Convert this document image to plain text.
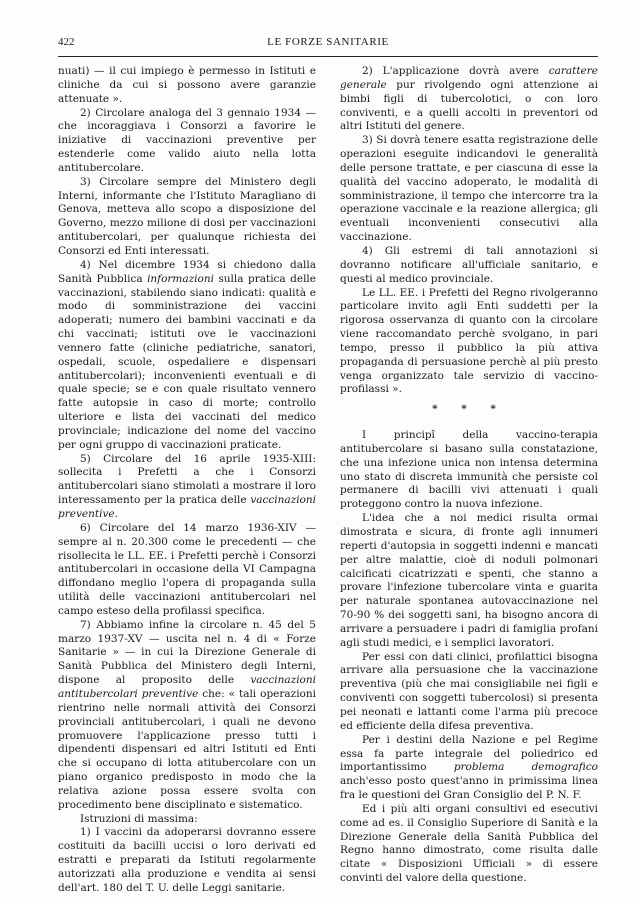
422	LE FORZE SANITARIE

nuati) — il cui impiego è permesso in Istituti e cliniche da cui si possono avere garanzie attenuate ».

2) Circolare analoga del 3 gennaio 1934 — che incoraggiava i Consorzi a favorire le iniziative di vaccinazioni preventive per estenderle come valido aiuto nella lotta antitubercolare.

3) Circolare sempre del Ministero degli Interni, informante che l'Istituto Maragliano di Genova, metteva allo scopo a disposizione del Governo, mezzo milione di dosi per vaccinazioni antitubercolari, per qualunque richiesta dei Consorzi ed Enti interessati.

4) Nel dicembre 1934 si chiedono dalla Sanità Pubblica informazioni sulla pratica delle vaccinazioni, stabilendo siano indicati: qualità e modo di somministrazione dei vaccini adoperati; numero dei bambini vaccinati e da chi vaccinati; istituti ove le vaccinazioni vennero fatte (cliniche pediatriche, sanatori, ospedali, scuole, ospedaliere e dispensari antitubercolari); inconvenienti eventuali e di quale specie; se e con quale risultato vennero fatte autopsie in caso di morte; controllo ulteriore e lista dei vaccinati del medico provinciale; indicazione del nome del vaccino per ogni gruppo di vaccinazioni praticate.

5) Circolare del 16 aprile 1935-XIII: sollecita i Prefetti a che i Consorzi antitubercolari siano stimolati a mostrare il loro interessamento per la pratica delle vaccinazioni preventive.

6) Circolare del 14 marzo 1936-XIV — sempre al n. 20.300 come le precedenti — che risollecita le LL. EE. i Prefetti perchè i Consorzi antitubercolari in occasione della VI Campagna diffondano meglio l'opera di propaganda sulla utilità delle vaccinazioni antitubercolari nel campo esteso della profilassi specifica.

7) Abbiamo infine la circolare n. 45 del 5 marzo 1937-XV — uscita nel n. 4 di « Forze Sanitarie » — in cui la Direzione Generale di Sanità Pubblica del Ministero degli Interni, dispone al proposito delle vaccinazioni antitubercolari preventive che: « tali operazioni rientrino nelle normali attività dei Consorzi provinciali antitubercolari, i quali ne devono promuovere l'applicazione presso tutti i dipendenti dispensari ed altri Istituti ed Enti che si occupano di lotta atitubercolare con un piano organico predisposto in modo che la relativa azione possa essere svolta con procedimento bene disciplinato e sistematico.

Istruzioni di massima:

1) I vaccini da adoperarsi dovranno essere costituiti da bacilli uccisi o loro derivati ed estratti e preparati da Istituti regolarmente autorizzati alla produzione e vendita ai sensi dell'art. 180 del T. U. delle Leggi sanitarie.

2) L'applicazione dovrà avere carattere generale pur rivolgendo ogni attenzione ai bimbi figli di tubercolotici, o con loro conviventi, e a quelli accolti in preventori od altri Istituti del genere.

3) Si dovrà tenere esatta registrazione delle operazioni eseguite indicandovi le generalità delle persone trattate, e per ciascuna di esse la qualità del vaccino adoperato, le modalità di somministrazione, il tempo che intercorre tra la operazione vaccinale e la reazione allergica; gli eventuali inconvenienti consecutivi alla vaccinazione.

4) Gli estremi di tali annotazioni si dovranno notificare all'ufficiale sanitario, e questi al medico provinciale.

Le LL. EE. i Prefetti del Regno rivolgeranno particolare invito agli Enti suddetti per la rigorosa osservanza di quanto con la circolare viene raccomandato perchè svolgano, in pari tempo, presso il pubblico la più attiva propaganda di persuasione perchè al più presto venga organizzato tale servizio di vaccino-profilassi ».

* * *

I principî della vaccino-terapia antitubercolare si basano sulla constatazione, che una infezione unica non intensa determina uno stato di discreta immunità che persiste col permanere di bacilli vivi attenuati i quali proteggono contro la nuova infezione.

L'idea che a noi medici risulta ormai dimostrata e sicura, di fronte agli innumeri reperti d'autopsia in soggetti indenni e mancati per altre malattie, cioè di noduli polmonari calcificati cicatrizzati e spenti, che stanno a provare l'infezione tubercolare vinta e guarita per naturale spontanea autovaccinazione nel 70-90 % dei soggetti sani, ha bisogno ancora di arrivare a persuadere i padri di famiglia profani agli studi medici, e i semplici lavoratori.

Per essi con dati clinici, profilattici bisogna arrivare alla persuasione che la vaccinazione preventiva (più che mai consigliabile nei figli e conviventi con soggetti tubercolosi) si presenta pei neonati e lattanti come l'arma più precoce ed efficiente della difesa preventiva.

Per i destini della Nazione e pel Regime essa fa parte integrale del poliedrico ed importantissimo problema demografico anch'esso posto quest'anno in primissima linea fra le questioni del Gran Consiglio del P. N. F.

Ed i più alti organi consultivi ed esecutivi come ad es. il Consiglio Superiore di Sanità e la Direzione Generale della Sanità Pubblica del Regno hanno dimostrato, come risulta dalle citate « Disposizioni Ufficiali » di essere convinti del valore della questione.
